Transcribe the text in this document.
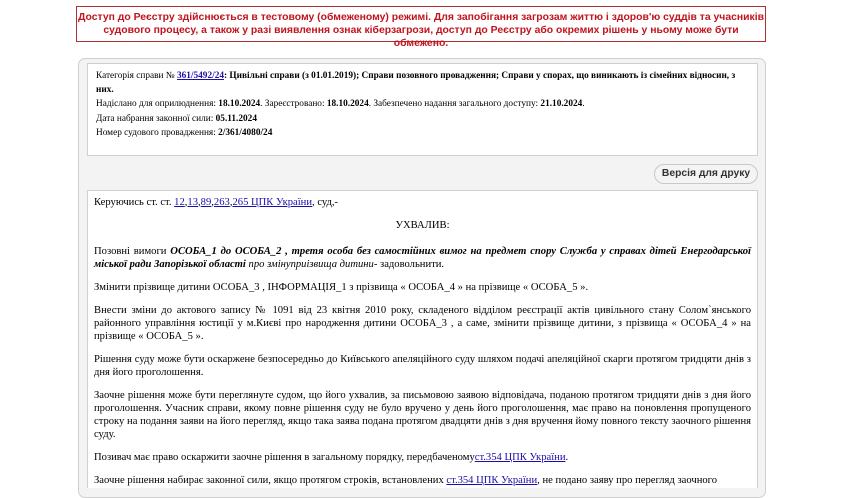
Доступ до Реєстру здійснюється в тестовому (обмеженому) режимі. Для запобігання загрозам життю і здоров'ю суддів та учасників
судового процесу, а також у разі виявлення ознак кіберзагрози, доступ до Реєстру або окремих рішень у ньому може бути обмежено.

Категорія справи № 361/5492/24: Цивільні справи (з 01.01.2019); Справи позовного провадження; Справи у спорах, що виникають із сімейних відносин, з них.

Надіслано для оприлюднення: 18.10.2024. Зареєстровано: 18.10.2024. Забезпечено надання загального доступу: 21.10.2024.

Дата набрання законної сили: 05.11.2024

Номер судового провадження: 2/361/4080/24

Версія для друку

Керуючись ст. ст. 12,13,89,263,265 ЦПК України, суд,-

УХВАЛИВ:

Позовні вимоги ОСОБА_1 до ОСОБА_2 , третя особа без самостійних вимог на предмет спору Служба у справах дітей Енергодарської міської ради Запорізької області про змінуприізвища дитини- задовольнити.

Змінити прізвище дитини ОСОБА_3 , ІНФОРМАЦІЯ_1 з прізвища « ОСОБА_4 » на прізвище « ОСОБА_5 ».

Внести зміни до актового запису № 1091 від 23 квітня 2010 року, складеного відділом реєстрації актів цивільного стану Солом`янського районного управління юстиції у м.Києві про народження дитини ОСОБА_3 , а саме, змінити прізвище дитини, з прізвища « ОСОБА_4 » на прізвище « ОСОБА_5 ».

Рішення суду може бути оскаржене безпосередньо до Київського апеляційного суду шляхом подачі апеляційної скарги протягом тридцяти днів з дня його проголошення.

Заочне рішення може бути переглянуте судом, що його ухвалив, за письмовою заявою відповідача, поданою протягом тридцяти днів з дня його проголошення. Учасник справи, якому повне рішення суду не було вручено у день його проголошення, має право на поновлення пропущеного строку на подання заяви на його перегляд, якщо така заява подана протягом двадцяти днів з дня вручення йому повного тексту заочного рішення суду.

Позивач має право оскаржити заочне рішення в загальному порядку, передбаченомуст.354 ЦПК України.

Заочне рішення набирає законної сили, якщо протягом строків, встановлених ст.354 ЦПК України, не подано заяву про перегляд заочного
